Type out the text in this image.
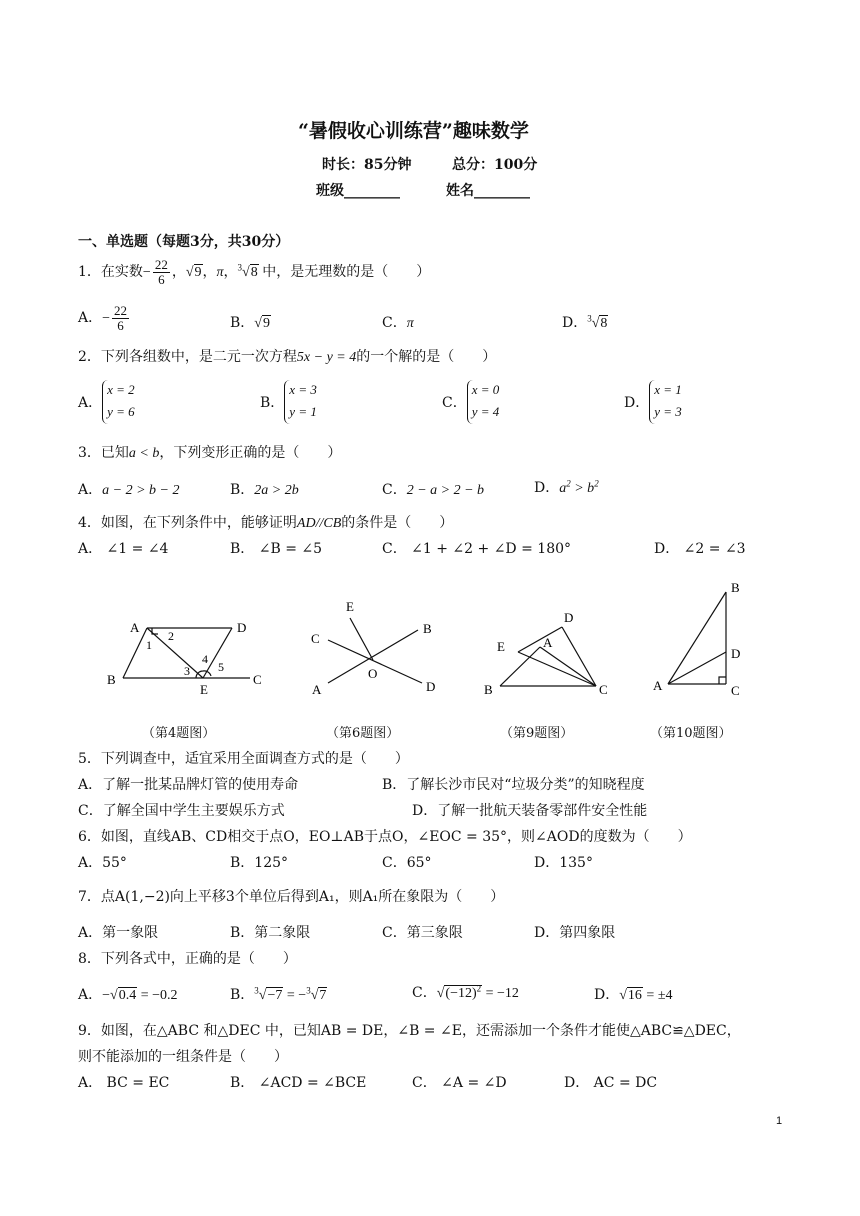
“暑假收心训练营”趣味数学
时长：85分钟	总分：100分
班级________	姓名________
一、单选题（每题3分，共30分）
1．在实数− $\frac{22}{6}$ ，√9，π，$^3$√8 中，是无理数的是（　　）
A．− $\frac{22}{6}$	B．√9	C．π	D．$^3$√8
2．下列各组数中，是二元一次方程5x − y = 4的一个解的是（　　）
A．x = 2
y = 6
B．x = 3
y = 1
C．x = 0
y = 4
D．x = 1
y = 3
3．已知a < b，下列变形正确的是（　　）
A．a − 2 > b − 2	B．2a > 2b	C．2 − a > 2 − b	D．$a^2 > b^2$
4．如图，在下列条件中，能够证明AD//CB的条件是（　　）
A． ∠1 = ∠4	B． ∠B = ∠5	C． ∠1 + ∠2 + ∠D = 180°	D． ∠2 = ∠3
A
B	C
D
E
1
2
3
4
5
A
B
C
D
E
O
B	C
D
E	A
A
B
C
D
（第4题图）	（第6题图）	（第9题图）	（第10题图）
5．下列调查中，适宜采用全面调查方式的是（　　）
A．了解一批某品牌灯管的使用寿命	B．了解长沙市民对“垃圾分类”的知晓程度
C．了解全国中学生主要娱乐方式	D．了解一批航天装备零部件安全性能
6．如图，直线AB、CD相交于点O，EO⊥AB于点O，∠EOC = 35°，则∠AOD的度数为（　　）
A．55°	B．125°	C．65°	D．135°
7．点A(1,−2)向上平移3个单位后得到A₁，则A₁所在象限为（　　）
A．第一象限	B．第二象限	C．第三象限	D．第四象限
8．下列各式中，正确的是（　　）
A．−√0.4 = −0.2	B．$^3$√−7 = −$^3$√7	C．$√(-12)^2 = -12$	D．√16 = ±4
9．如图，在△ABC 和△DEC 中，已知AB = DE，∠B = ∠E，还需添加一个条件才能使△ABC≌△DEC，
则不能添加的一组条件是（　　）
A． BC = EC	B． ∠ACD = ∠BCE	C． ∠A = ∠D	D． AC = DC
1
